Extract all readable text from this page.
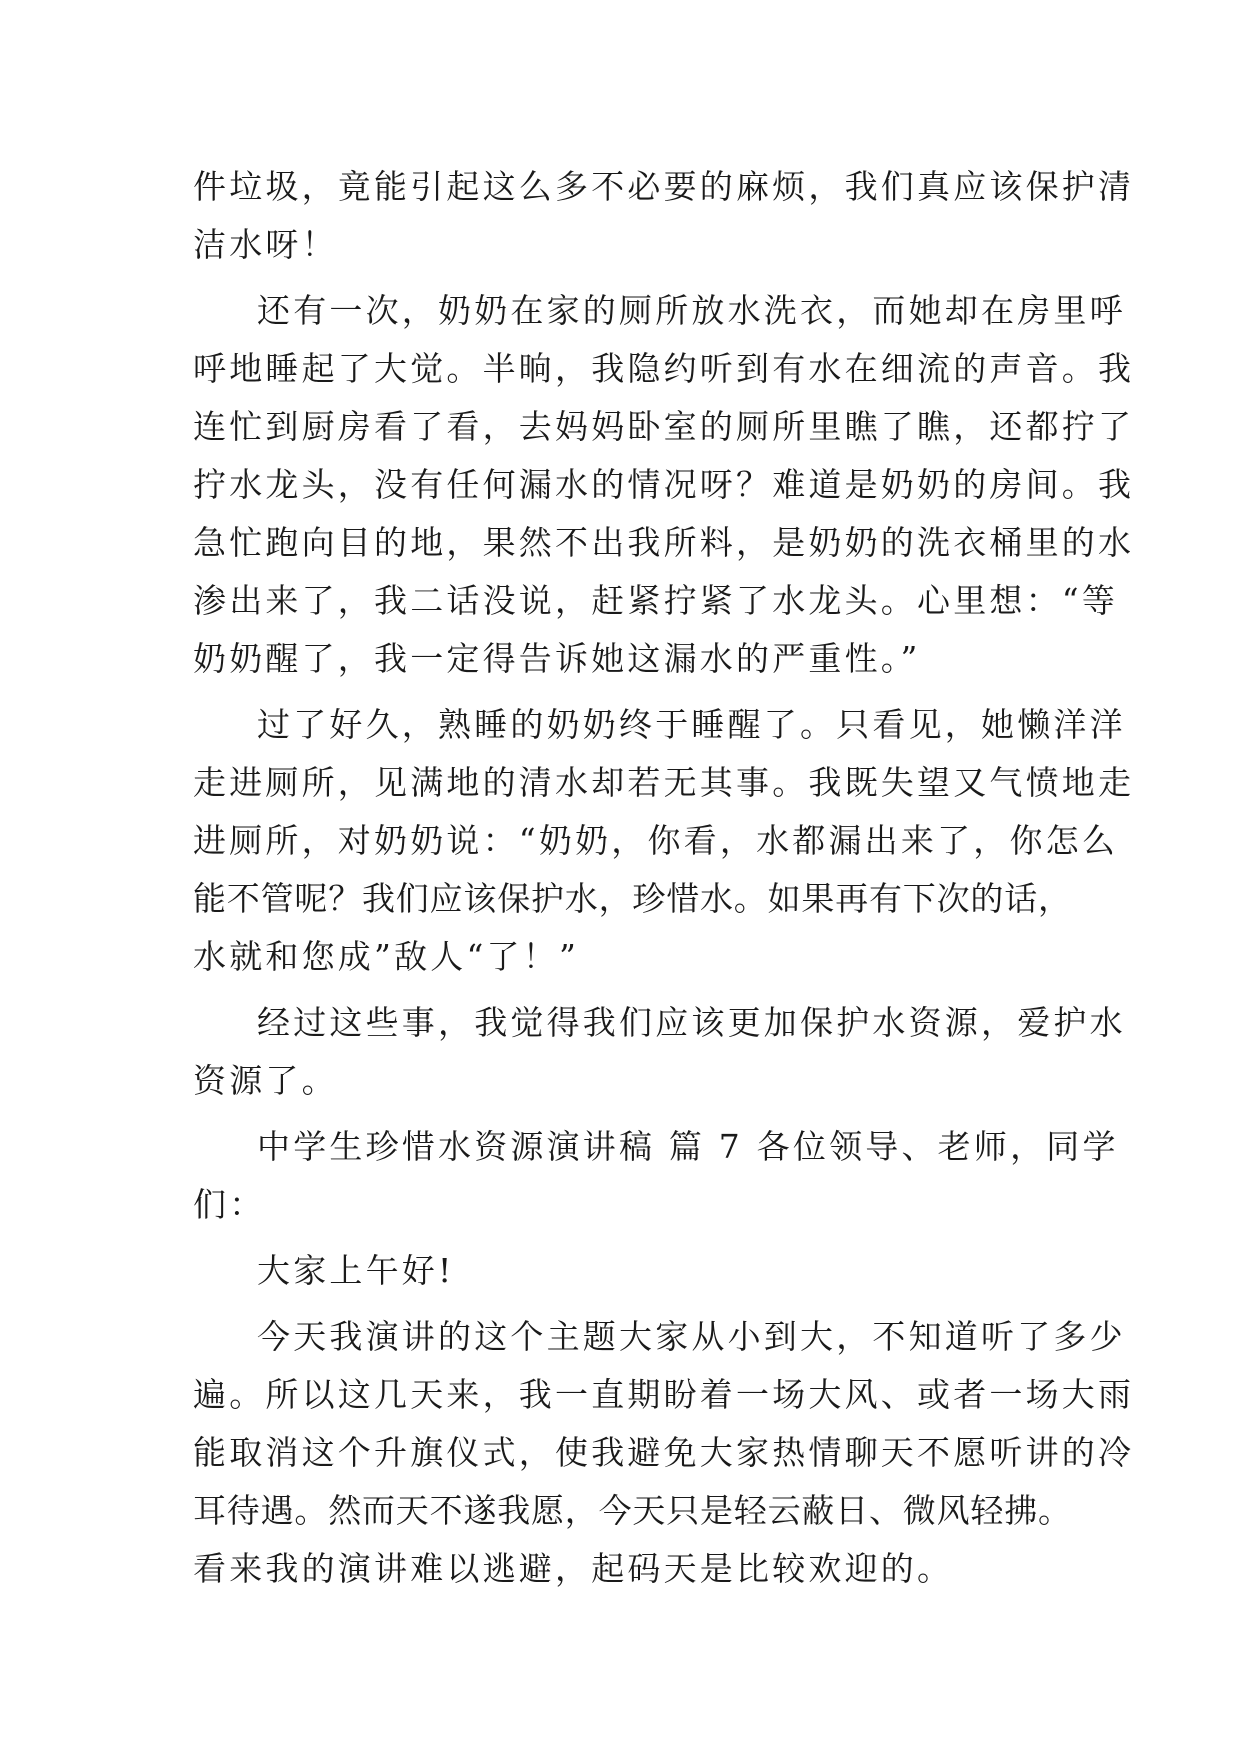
件垃圾，竟能引起这么多不必要的麻烦，我们真应该保护清
洁水呀！
还有一次，奶奶在家的厕所放水洗衣，而她却在房里呼
呼地睡起了大觉。半晌，我隐约听到有水在细流的声音。我
连忙到厨房看了看，去妈妈卧室的厕所里瞧了瞧，还都拧了
拧水龙头，没有任何漏水的情况呀？难道是奶奶的房间。我
急忙跑向目的地，果然不出我所料，是奶奶的洗衣桶里的水
渗出来了，我二话没说，赶紧拧紧了水龙头。心里想：“等
奶奶醒了，我一定得告诉她这漏水的严重性。”
过了好久，熟睡的奶奶终于睡醒了。只看见，她懒洋洋
走进厕所，见满地的清水却若无其事。我既失望又气愤地走
进厕所，对奶奶说：“奶奶，你看，水都漏出来了，你怎么
能不管呢？我们应该保护水，珍惜水。如果再有下次的话，
水就和您成”敌人“了！”
经过这些事，我觉得我们应该更加保护水资源，爱护水
资源了。
中学生珍惜水资源演讲稿 篇 7 各位领导、老师，同学
们：
大家上午好!
今天我演讲的这个主题大家从小到大，不知道听了多少
遍。所以这几天来，我一直期盼着一场大风、或者一场大雨
能取消这个升旗仪式，使我避免大家热情聊天不愿听讲的冷
耳待遇。然而天不遂我愿，今天只是轻云蔽日、微风轻拂。
看来我的演讲难以逃避，起码天是比较欢迎的。
